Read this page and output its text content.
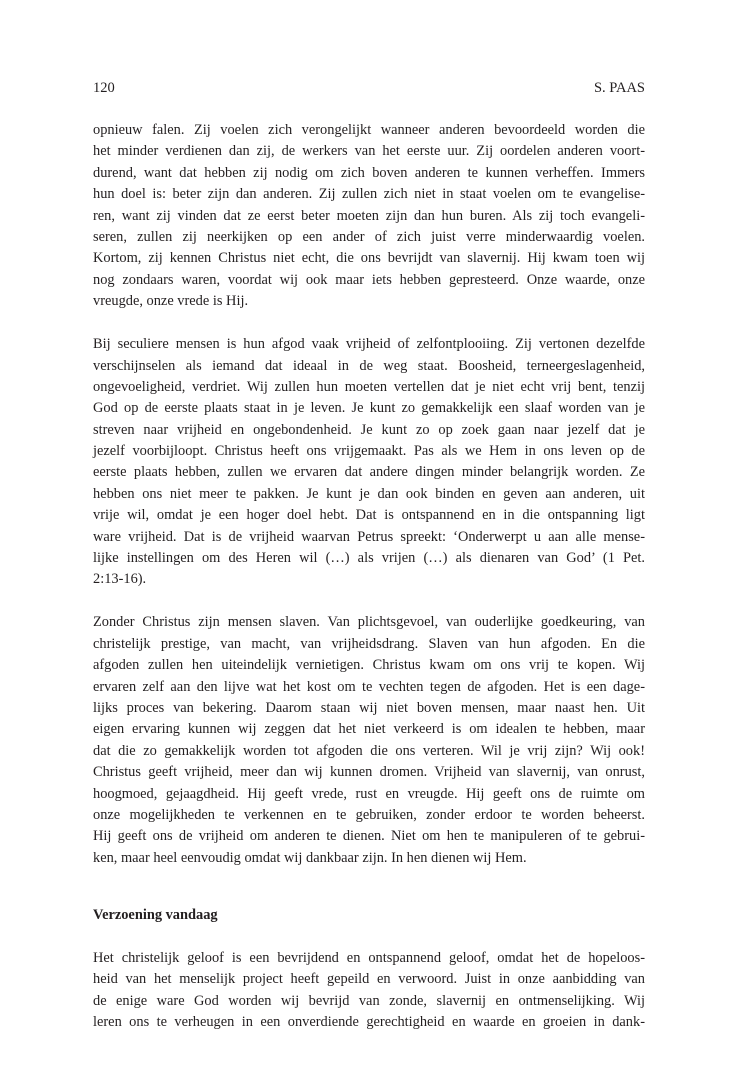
120	S. PAAS
opnieuw falen. Zij voelen zich verongelijkt wanneer anderen bevoordeeld worden die
het minder verdienen dan zij, de werkers van het eerste uur. Zij oordelen anderen voort-
durend, want dat hebben zij nodig om zich boven anderen te kunnen verheffen. Immers
hun doel is: beter zijn dan anderen. Zij zullen zich niet in staat voelen om te evangelise-
ren, want zij vinden dat ze eerst beter moeten zijn dan hun buren. Als zij toch evangeli-
seren, zullen zij neerkijken op een ander of zich juist verre minderwaardig voelen.
Kortom, zij kennen Christus niet echt, die ons bevrijdt van slavernij. Hij kwam toen wij
nog zondaars waren, voordat wij ook maar iets hebben gepresteerd. Onze waarde, onze
vreugde, onze vrede is Hij.
Bij seculiere mensen is hun afgod vaak vrijheid of zelfontplooiing. Zij vertonen dezelfde
verschijnselen als iemand dat ideaal in de weg staat. Boosheid, terneergeslagenheid,
ongevoeligheid, verdriet. Wij zullen hun moeten vertellen dat je niet echt vrij bent, tenzij
God op de eerste plaats staat in je leven. Je kunt zo gemakkelijk een slaaf worden van je
streven naar vrijheid en ongebondenheid. Je kunt zo op zoek gaan naar jezelf dat je
jezelf voorbijloopt. Christus heeft ons vrijgemaakt. Pas als we Hem in ons leven op de
eerste plaats hebben, zullen we ervaren dat andere dingen minder belangrijk worden. Ze
hebben ons niet meer te pakken. Je kunt je dan ook binden en geven aan anderen, uit
vrije wil, omdat je een hoger doel hebt. Dat is ontspannend en in die ontspanning ligt
ware vrijheid. Dat is de vrijheid waarvan Petrus spreekt: ‘Onderwerpt u aan alle mense-
lijke instellingen om des Heren wil (…) als vrijen (…) als dienaren van God’ (1 Pet.
2:13-16).
Zonder Christus zijn mensen slaven. Van plichtsgevoel, van ouderlijke goedkeuring, van
christelijk prestige, van macht, van vrijheidsdrang. Slaven van hun afgoden. En die
afgoden zullen hen uiteindelijk vernietigen. Christus kwam om ons vrij te kopen. Wij
ervaren zelf aan den lijve wat het kost om te vechten tegen de afgoden. Het is een dage-
lijks proces van bekering. Daarom staan wij niet boven mensen, maar naast hen. Uit
eigen ervaring kunnen wij zeggen dat het niet verkeerd is om idealen te hebben, maar
dat die zo gemakkelijk worden tot afgoden die ons verteren. Wil je vrij zijn? Wij ook!
Christus geeft vrijheid, meer dan wij kunnen dromen. Vrijheid van slavernij, van onrust,
hoogmoed, gejaagdheid. Hij geeft vrede, rust en vreugde. Hij geeft ons de ruimte om
onze mogelijkheden te verkennen en te gebruiken, zonder erdoor te worden beheerst.
Hij geeft ons de vrijheid om anderen te dienen. Niet om hen te manipuleren of te gebrui-
ken, maar heel eenvoudig omdat wij dankbaar zijn. In hen dienen wij Hem.
Verzoening vandaag
Het christelijk geloof is een bevrijdend en ontspannend geloof, omdat het de hopeloos-
heid van het menselijk project heeft gepeild en verwoord. Juist in onze aanbidding van
de enige ware God worden wij bevrijd van zonde, slavernij en ontmenselijking. Wij
leren ons te verheugen in een onverdiende gerechtigheid en waarde en groeien in dank-
